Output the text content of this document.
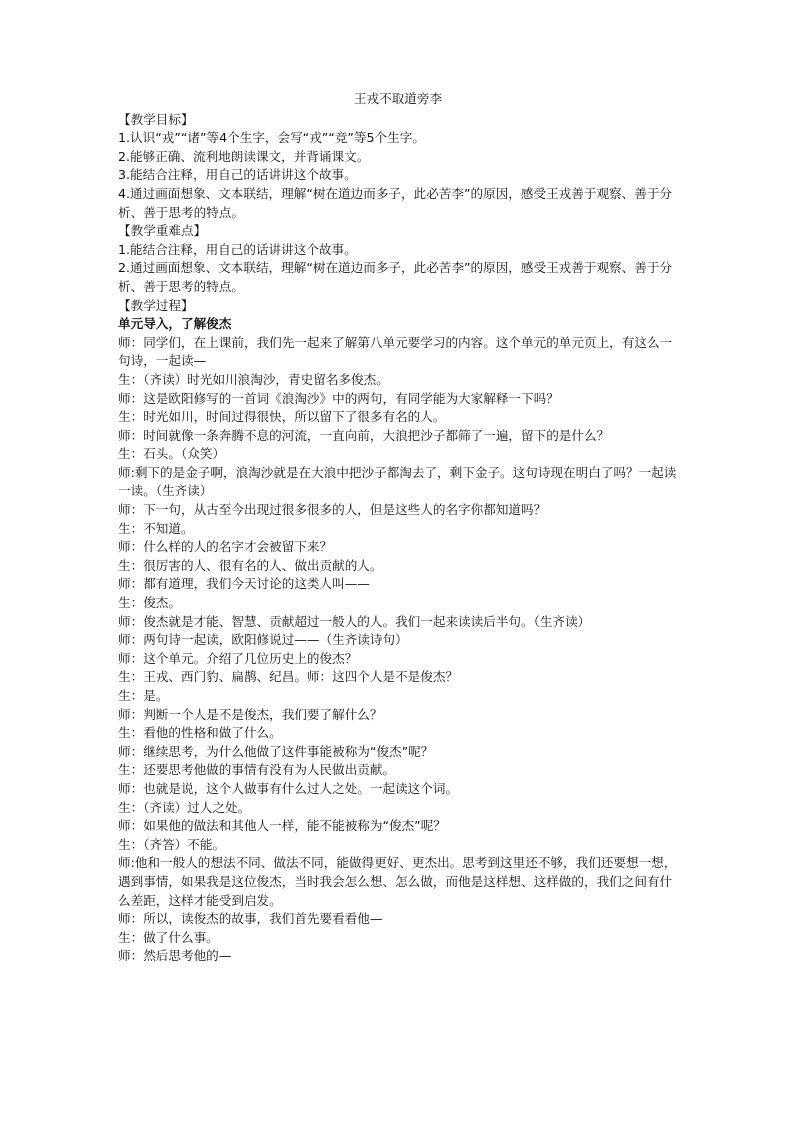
王戎不取道旁李

【教学目标】

1.认识“戎”“诸”等4个生字，会写“戎”“竞”等5个生字。

2.能够正确、流利地朗读课文，并背诵课文。

3.能结合注释，用自己的话讲讲这个故事。

4.通过画面想象、文本联结，理解“树在道边而多子，此必苦李”的原因，感受王戎善于观察、善于分析、善于思考的特点。

【教学重难点】

1.能结合注释，用自己的话讲讲这个故事。

2.通过画面想象、文本联结，理解“树在道边而多子，此必苦李”的原因，感受王戎善于观察、善于分析、善于思考的特点。

【教学过程】

单元导入，了解俊杰

师：同学们，在上课前，我们先一起来了解第八单元要学习的内容。这个单元的单元页上，有这么一句诗，一起读—

生：（齐读）时光如川浪淘沙，青史留名多俊杰。

师：这是欧阳修写的一首词《浪淘沙》中的两句，有同学能为大家解释一下吗？

生：时光如川，时间过得很快，所以留下了很多有名的人。

师：时间就像一条奔腾不息的河流，一直向前，大浪把沙子都筛了一遍，留下的是什么？

生：石头。（众笑）

师:剩下的是金子啊，浪淘沙就是在大浪中把沙子都淘去了，剩下金子。这句诗现在明白了吗？一起读一读。（生齐读）

师：下一句，从古至今出现过很多很多的人，但是这些人的名字你都知道吗？

生：不知道。

师：什么样的人的名字才会被留下来？

生：很厉害的人、很有名的人、做出贡献的人。

师：都有道理，我们今天讨论的这类人叫——

生：俊杰。

师：俊杰就是才能、智慧、贡献超过一般人的人。我们一起来读读后半句。（生齐读）

师：两句诗一起读，欧阳修说过——（生齐读诗句）

师：这个单元。介绍了几位历史上的俊杰？

生：王戎、西门豹、扁鹊、纪昌。师：这四个人是不是俊杰？

生：是。

师：判断一个人是不是俊杰，我们要了解什么？

生：看他的性格和做了什么。

师：继续思考，为什么他做了这件事能被称为“俊杰”呢？

生：还要思考他做的事情有没有为人民做出贡献。

师：也就是说，这个人做事有什么过人之处。一起读这个词。

生：（齐读）过人之处。

师：如果他的做法和其他人一样，能不能被称为“俊杰”呢？

生：（齐答）不能。

师:他和一般人的想法不同、做法不同，能做得更好、更杰出。思考到这里还不够，我们还要想一想，遇到事情，如果我是这位俊杰，当时我会怎么想、怎么做，而他是这样想、这样做的，我们之间有什么差距，这样才能受到启发。

师：所以，读俊杰的故事，我们首先要看看他—

生：做了什么事。

师：然后思考他的—
